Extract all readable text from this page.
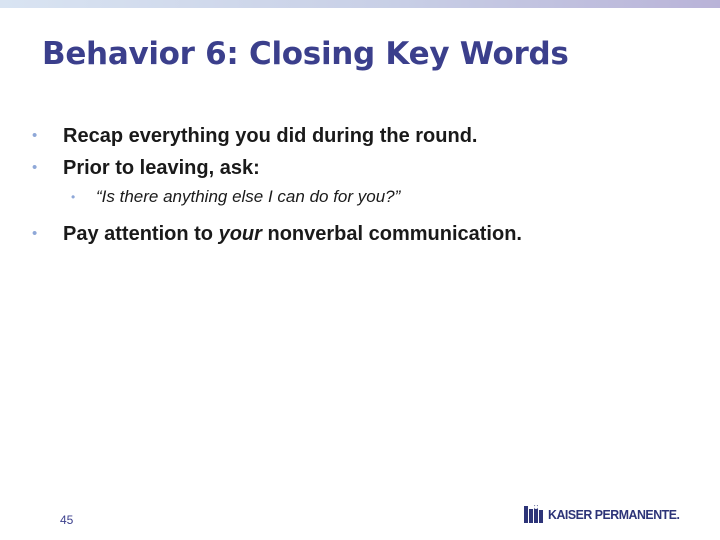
Behavior 6: Closing Key Words
• Recap everything you did during the round.
• Prior to leaving, ask:
• “Is there anything else I can do for you?”
• Pay attention to your nonverbal communication.
45	KAISER PERMANENTE.
